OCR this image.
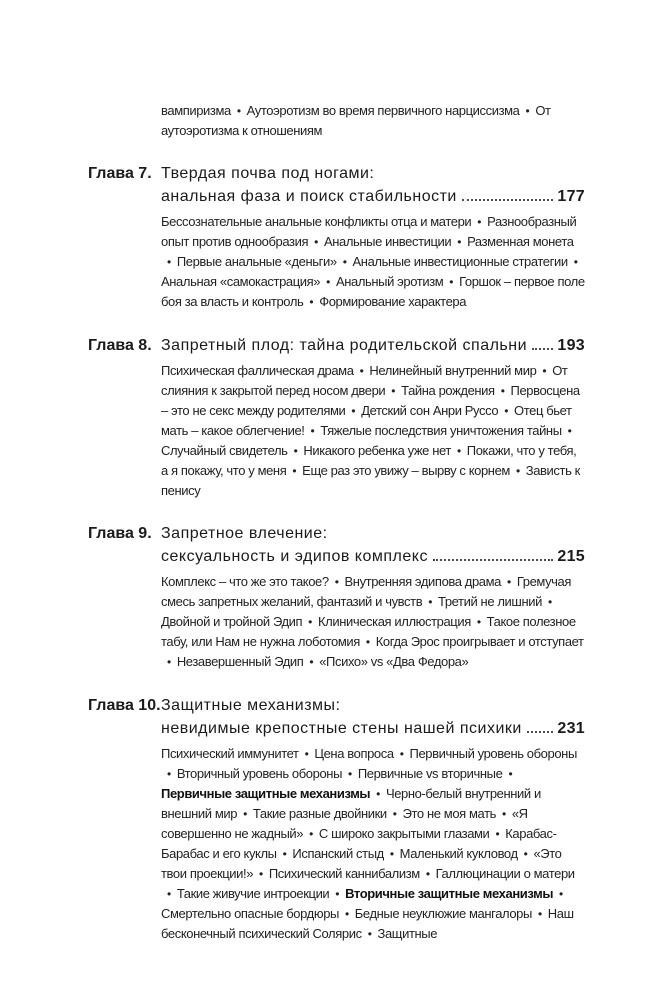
вампиризма • Аутоэротизм во время первичного нарциссизма • От аутоэротизма к отношениям
Глава 7. Твердая почва под ногами:
анальная фаза и поиск стабильности	177
Бессознательные анальные конфликты отца и матери • Разнообразный опыт против однообразия • Анальные инвестиции • Разменная монета• Первые анальные «деньги» • Анальные инвестиционные стратегии •Анальная «самокастрация» • Анальный эротизм • Горшок – первое поле боя за власть и контроль • Формирование характера
Глава 8. Запретный плод: тайна родительской спальни 193
Психическая фаллическая драма • Нелинейный внутренний мир • От слияния к закрытой перед носом двери • Тайна рождения • Первосцена – это не секс между родителями • Детский сон Анри Руссо • Отец бьет мать – какое облегчение! • Тяжелые последствия уничтожения тайны •Случайный свидетель • Никакого ребенка уже нет • Покажи, что у тебя, а я покажу, что у меня • Еще раз это увижу – вырву с корнем • Зависть к пенису
Глава 9. Запретное влечение:
сексуальность и эдипов комплекс	215
Комплекс – что же это такое? • Внутренняя эдипова драма • Гремучая смесь запретных желаний, фантазий и чувств • Третий не лишний •Двойной и тройной Эдип • Клиническая иллюстрация • Такое полезное табу, или Нам не нужна лоботомия • Когда Эрос проигрывает и отступает• Незавершенный Эдип • «Психо» vs «Два Федора»
Глава 10. Защитные механизмы:
невидимые крепостные стены нашей психики 231
Психический иммунитет • Цена вопроса • Первичный уровень обороны• Вторичный уровень обороны • Первичные vs вторичные •Первичные защитные механизмы • Черно-белый внутренний и внешний мир • Такие разные двойники • Это не моя мать • «Я совершенно не жадный» • С широко закрытыми глазами • Карабас-Барабас и его куклы • Испанский стыд • Маленький кукловод • «Это твои проекции!» • Психический каннибализм • Галлюцинации о матери• Такие живучие интроекции • Вторичные защитные механизмы •Смертельно опасные бордюры • Бедные неуклюжие мангалоры • Наш бесконечный психический Солярис • Защитные
